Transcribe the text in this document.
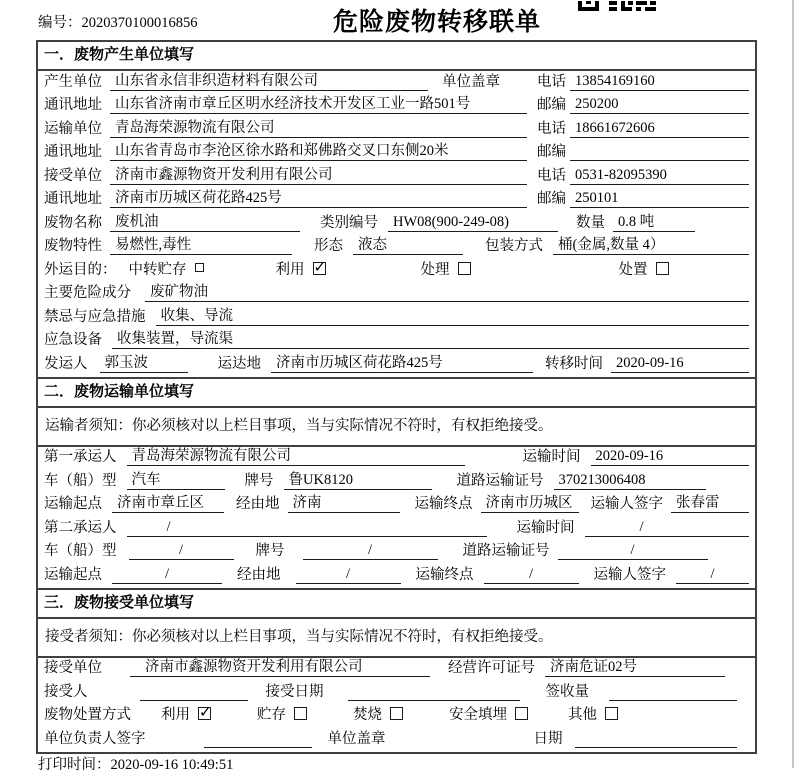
编号：2020370100016856	危险废物转移联单
一．废物产生单位填写
产生单位 山东省永信非织造材料有限公司	单位盖章	电话 13854169160
通讯地址 山东省济南市章丘区明水经济技术开发区工业一路501号	邮编 250200
运输单位 青岛海荣源物流有限公司	电话 18661672606
通讯地址 山东省青岛市李沧区徐水路和郑佛路交叉口东侧20米	邮编
接受单位 济南市鑫源物资开发利用有限公司	电话 0531-82095390
通讯地址 济南市历城区荷花路425号	邮编 250101
废物名称 废机油	类别编号	HW08(900-249-08)	数量 0.8 吨
废物特性 易燃性,毒性	形态	液态	包装方式	桶(金属,数量 4）
外运目的： 中转贮存	利用 ✓	处理	处置
主要危险成分	废矿物油
禁忌与应急措施	收集、导流
应急设备	收集装置，导流渠
发运人	郭玉波	运达地	济南市历城区荷花路425号	转移时间 2020-09-16
二．废物运输单位填写
运输者须知：你必须核对以上栏目事项，当与实际情况不符时，有权拒绝接受。
第一承运人	青岛海荣源物流有限公司	运输时间	2020-09-16
车（船）型	汽车	牌号	鲁UK8120	道路运输证号	370213006408
运输起点	济南市章丘区	经由地 济南	运输终点 济南市历城区	运输人签字 张春雷
第二承运人	/	运输时间	/
车（船）型	/	牌号	/	道路运输证号	/
运输起点	/	经由地	/	运输终点	/	运输人签字	/
三．废物接受单位填写
接受者须知：你必须核对以上栏目事项，当与实际情况不符时，有权拒绝接受。
接受单位	济南市鑫源物资开发利用有限公司	经营许可证号	济南危证02号
接受人	接受日期	签收量
废物处置方式 利用 ✓	贮存	焚烧	安全填埋	其他
单位负责人签字	单位盖章	日期
打印时间：2020-09-16 10:49:51
